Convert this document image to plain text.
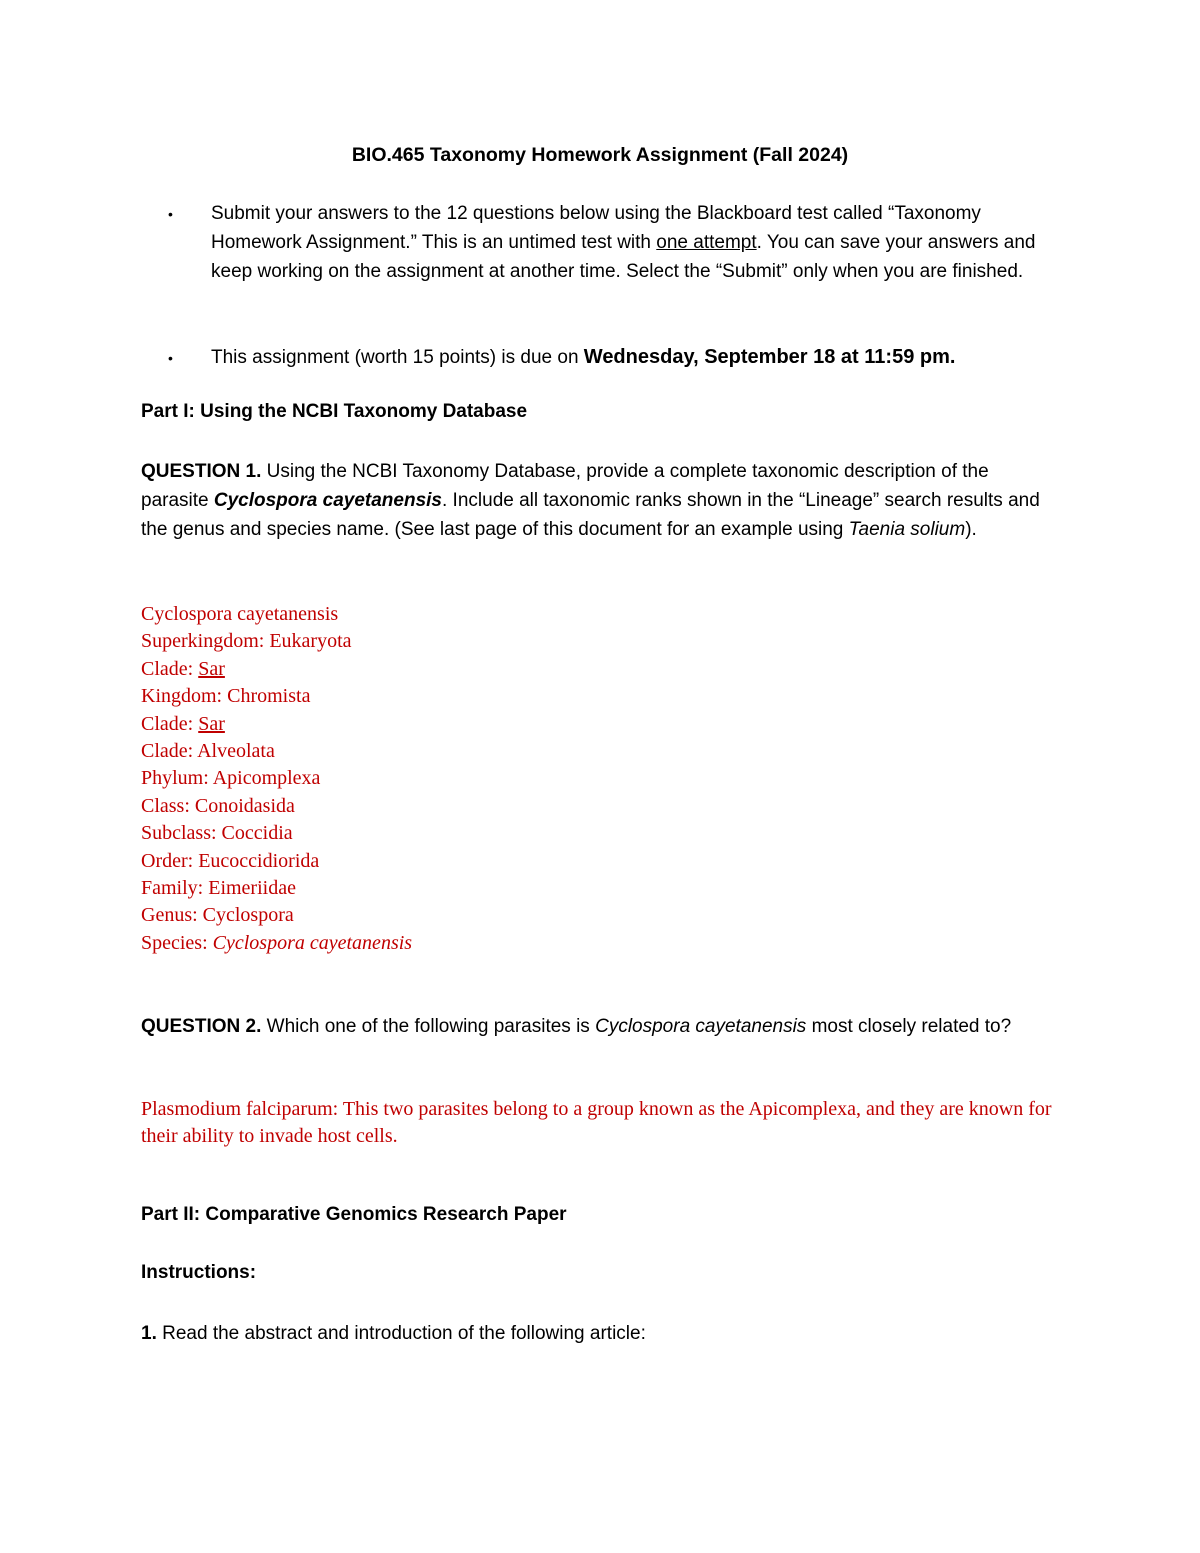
BIO.465 Taxonomy Homework Assignment (Fall 2024)
• Submit your answers to the 12 questions below using the Blackboard test called “Taxonomy Homework Assignment.” This is an untimed test with one attempt. You can save your answers and keep working on the assignment at another time. Select the “Submit” only when you are finished.
• This assignment (worth 15 points) is due on Wednesday, September 18 at 11:59 pm.
Part I: Using the NCBI Taxonomy Database
QUESTION 1. Using the NCBI Taxonomy Database, provide a complete taxonomic description of the parasite Cyclospora cayetanensis. Include all taxonomic ranks shown in the “Lineage” search results and the genus and species name. (See last page of this document for an example using Taenia solium).
Cyclospora cayetanensis
Superkingdom: Eukaryota
Clade: Sar
Kingdom: Chromista
Clade: Sar
Clade: Alveolata
Phylum: Apicomplexa
Class: Conoidasida
Subclass: Coccidia
Order: Eucoccidiorida
Family: Eimeriidae
Genus: Cyclospora
Species: Cyclospora cayetanensis
QUESTION 2. Which one of the following parasites is Cyclospora cayetanensis most closely related to?
Plasmodium falciparum: This two parasites belong to a group known as the Apicomplexa, and they are known for their ability to invade host cells.
Part II: Comparative Genomics Research Paper
Instructions:
1. Read the abstract and introduction of the following article:
